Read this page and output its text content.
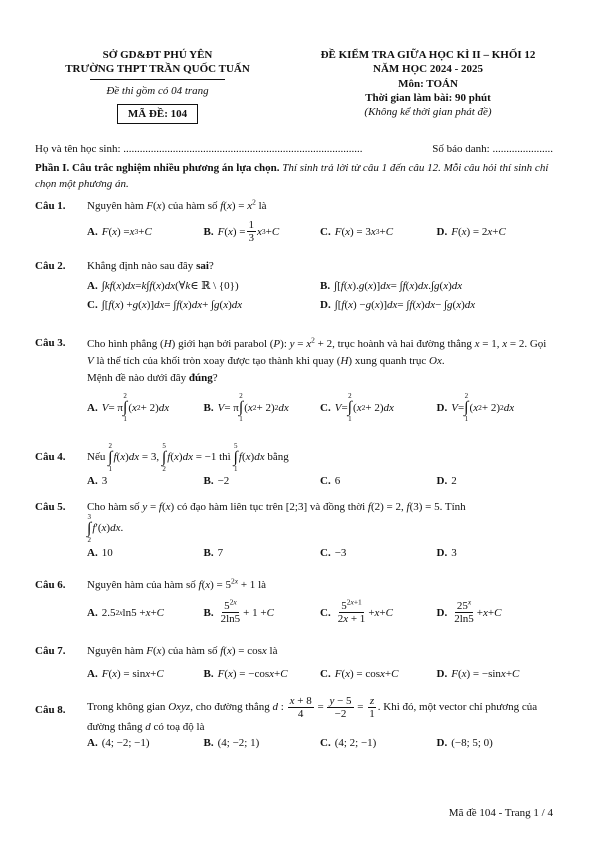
SỞ GD&ĐT PHÚ YÊN
TRƯỜNG THPT TRẦN QUỐC TUẤN
Đề thi gồm có 04 trang
MÃ ĐỀ: 104
ĐỀ KIỂM TRA GIỮA HỌC KÌ II – KHỐI 12
NĂM HỌC 2024 - 2025
Môn: TOÁN
Thời gian làm bài: 90 phút
(Không kể thời gian phát đề)
Họ và tên học sinh: .......................................................................................	Số báo danh: ......................
Phần I. Câu trắc nghiệm nhiều phương án lựa chọn. Thí sinh trả lời từ câu 1 đến câu 12. Mỗi câu hỏi thí sinh chỉ chọn một phương án.
Câu 1.	Nguyên hàm F(x) của hàm số $f(x) = x^2$ là
A. F ( x ) = x 3 + C	B. F ( x ) = $\frac{1}{3}$ x 3 + C	C. F ( x ) = 3 x 3 + C	D. F ( x ) = 2 x + C
Câu 2.	Khẳng định nào sau đây sai?
A. ∫ kf ( x ) dx = k ∫ f ( x ) dx (∀ k ∈ ℝ \ {0})	B. ∫[ f ( x ). g ( x )] dx = ∫ f ( x ) dx .∫ g ( x ) dx
C. ∫[ f ( x ) + g ( x )] dx = ∫ f ( x ) dx + ∫ g ( x ) dx	D. ∫[ f ( x ) − g ( x )] dx = ∫ f ( x ) dx − ∫ g ( x ) dx
Câu 3.	Cho hình phẳng (H) giới hạn bởi parabol (P): $y = x^2 + 2$, trục hoành và hai đường thẳng x = 1, x = 2. Gọi V là thể tích của khối tròn xoay được tạo thành khi quay (H) xung quanh trục Ox.
Mệnh đề nào dưới đây đúng?
A. V = π
2
∫
1
( x 2 + 2) dx	B. V = π
2
∫
1
( x 2 + 2) 2 dx	C. V =
2
∫
1
( x 2 + 2) dx	D. V =
2
∫
1
( x 2 + 2) 2 dx
Câu 4.	Nếu
2
∫
1
f(x)dx = 3,
5
∫
2
f(x)dx = −1 thì
5
∫
1
f(x)dx bằng
A. 3	B. −2	C. 6	D. 2
Câu 5.	Cho hàm số y = f(x) có đạo hàm liên tục trên [2;3] và đồng thời f(2) = 2, f(3) = 5. Tính

3
∫
2
f′(x)dx.
A. 10	B. 7	C. −3	D. 3
Câu 6.	Nguyên hàm của hàm số $f(x) = 5^{2x} + 1$ là
A. 2.5 2x ln5 + x + C	B. $\frac{5^{2x}}{2\ln 5} + 1 + C$	C. $\frac{5^{2x+1}}{2x + 1} + x + C$	D. $\frac{25^x}{2\ln 5} + x + C$
Câu 7.	Nguyên hàm F(x) của hàm số f(x) = cosx là
A. F ( x ) = sin x + C	B. F ( x ) = −cos x + C	C. F ( x ) = cos x + C	D. F ( x ) = −sin x + C
Câu 8.	Trong không gian Oxyz, cho đường thẳng d : $\frac{x + 8}{4} = \frac{y - 5}{-2} = \frac{z}{1}$ . Khi đó, một vector chỉ phương của
đường thẳng d có toạ độ là
A. (4; −2; −1)	B. (4; −2; 1)	C. (4; 2; −1)	D. (−8; 5; 0)
Mã đề 104 - Trang 1 / 4
